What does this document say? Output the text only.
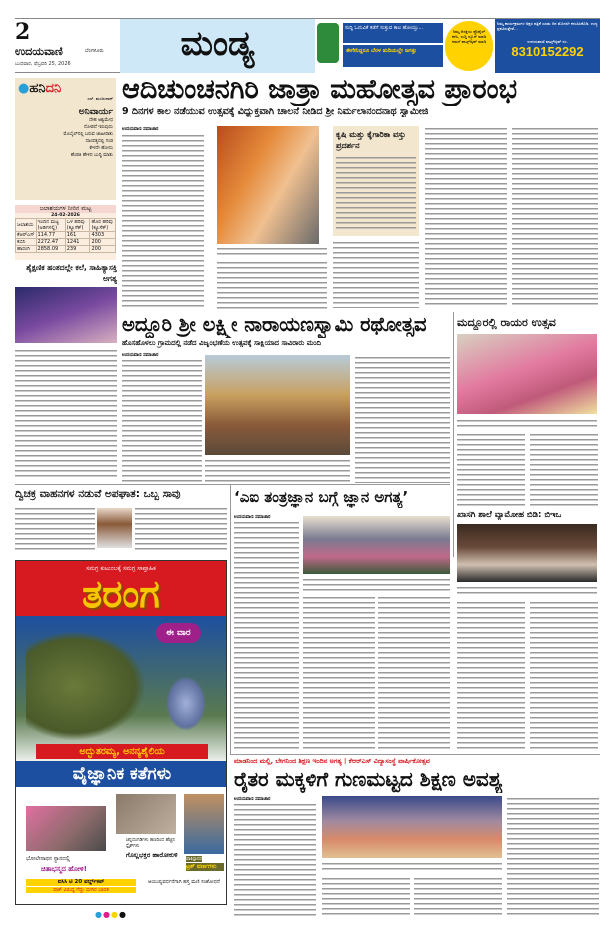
2
ಉದಯವಾಣಿ	ಬೆಂಗಳೂರು
ಬುಧವಾರ, ಫೆಬ್ರವರಿ 25, 2026	ಮಂಡ್ಯ	ಸುದ್ದಿ ಓದುವಿಕೆ ಕಡೆಗೆ ಸುತ್ತುವ ಕಾಲ ಹೋಯ್ತು...
ಈಗೇನಿದ್ದರೂ ಬೆರಳ ತುದಿಯಲ್ಲೇ ಜಗತ್ತು
ನಿಮ್ಮ ಆಸಕ್ತಿಯ ಪ್ರೊಫೈಲ್ ಕಳಿಸಿ, ಸುದ್ದಿ ನ್ಯೂಸ್ ಮಾಡಿ ನಮಗೆ ವಾಟ್ಸ್ಆ್ಯಪ್ ಮಾಡಿ
ನಿಮ್ಮ ಕಾರ್ಯಕ್ರಮಗಳ ಅಕ್ಷರ ಪತ್ರಿಕೆ ಎರಡು ದಿನ ಮೊದಲೇ ಕಳುಹಿಸಿಕೊಡಿ. ಉದ್ಯ ಪ್ರಕಟಿಸುತ್ತೇವೆ...
ಉದಯವಾಣಿ ವಾಟ್ಸ್ಆ್ಯಪ್ ನಂ.
8310152292
●ಹನಿದನಿ
ಎಸ್. ಮಂಜುನಾಥ್
ಅನಿವಾರ್ಯ
ದೇಹ ಅಶ್ವಮೇಧ
ನೋಡದೆ ಇರುವುದು
ಮೊಬೈಲ್‌ನಲ್ಲಿ ಬರುವ ಜಾಹೀರಾತು
ದಾಂಪತ್ಯದಲ್ಲಿ ಗಂಡ
ಕೇಳದೇ ಹೋದು
ಹೆಂಡತಿ ಹೇಳಿದ ಬುದ್ಧಿ ಮಾತು
ಜಲಾಶಯಗಳ ನೀರಿನ ಮಟ್ಟ
24-02-2026
ಜಲಾಶಯ	ಇಂದಿನ ಮಟ್ಟ (ಅಡಿಗಳಲ್ಲಿ)	ಒಳ ಹರಿವು (ಕ್ಯೂಸೆಕ್)	ಹೊರ ಹರಿವು (ಕ್ಯೂಸೆಕ್)
ಕೆಆರ್‌ಎಸ್	114.77	161	4303
ಕಬಿನಿ	2272.47	1241	200
ಹಾರಂಗಿ	2858.09	239	200
ಶೈಕ್ಷಣಿಕ ಹಂತದಲ್ಲೇ ಕಲೆ, ಸಾಹಿತ್ಯಾಸಕ್ತಿ ಅಗತ್ಯ
ಆದಿಚುಂಚನಗಿರಿ ಜಾತ್ರಾ ಮಹೋತ್ಸವ ಪ್ರಾರಂಭ
9 ದಿನಗಳ ಕಾಲ ನಡೆಯುವ ಉತ್ಸವಕ್ಕೆ ವಿಧ್ಯುಕ್ತವಾಗಿ ಚಾಲನೆ ನೀಡಿದ ಶ್ರೀ ನಿರ್ಮಲಾನಂದನಾಥ ಸ್ವಾಮೀಜಿ
ಉದಯವಾಣಿ ಸಮಾಚಾರ
ಕೃಷಿ ಮತ್ತು ಕೈಗಾರಿಕಾ ವಸ್ತು ಪ್ರದರ್ಶನ
ಅದ್ದೂರಿ ಶ್ರೀ ಲಕ್ಷ್ಮೀ ನಾರಾಯಣಸ್ವಾಮಿ ರಥೋತ್ಸವ
ಹೊಸಹೊಳಲು ಗ್ರಾಮದಲ್ಲಿ ನಡೆದ ವಿಜೃಂಭಣೆಯ ಉತ್ಸವಕ್ಕೆ ಸಾಕ್ಷಿಯಾದ ಸಾವಿರಾರು ಮಂದಿ
ಉದಯವಾಣಿ ಸಮಾಚಾರ
ಮದ್ದೂರಲ್ಲಿ ರಾಯರ ಉತ್ಸವ
ದ್ವಿಚಕ್ರ ವಾಹನಗಳ ನಡುವೆ ಅಪಘಾತ: ಒಬ್ಬ ಸಾವು	‘ಎಐ ತಂತ್ರಜ್ಞಾನ ಬಗ್ಗೆ ಜ್ಞಾನ ಅಗತ್ಯ’
ಉದಯವಾಣಿ ಸಮಾಚಾರ	ಖಾಸಗಿ ಶಾಲೆ ವ್ಯಾಮೋಹ ಬಿಡಿ: ಬಿಇಒ
ಸಮಗ್ರ ಕುಟುಂಬಕ್ಕೆ ಸಮಗ್ರ ಸಾಪ್ತಾಹಿಕ
ತರಂಗ
ಈ ವಾರ
ಅದ್ಭುತರಮ್ಯ, ಅನನ್ಯಶೈಲಿಯ
ವೈಜ್ಞಾನಿಕ ಕತೆಗಳು
ಭೋಲೇನಾಥನ ಸ್ಥಾನದಲ್ಲಿ
ಚಿತಾಭಸ್ಮದ ಹೋಳಿ!
ಚಿನ್ನದಂಗಡಿಗಳು ಹಣದಿಂದ ಹೆಚ್ಚಿನ ಸ್ಪೈಕ್‌ಗಳು
ಗೊಲ್ಲಭಕ್ತರ ಹಾರೋಕುಳಿ
ಪಾಕಿಸ್ತಾನದ
ಟ್ರಕ್ ವರ್ಣಗಳು
ಐಸಿಸಿ ಟಿ 20 ವರ್ಲ್ಡ್‌ಕಪ್
ಪಾಕ್ ವಿರುದ್ಧ ಗೆದ್ದು ಬೀಗಿದ ಭಾರತ
ಆಯುಷ್ಯವರ್ಧನೆಗಾಗಿ ಹಸ್ತ ಮಣಿ ಸಂಶೋಧನೆ
●●●●
ಮಾಡನಿಂದ ಮಲ್ಲಿ, ಬೇಗನಿಂದ ಶಿಕ್ಷಣ ಇಂದಿನ ಅಗತ್ಯ | ಕೆಆರ್‌ಎಸ್ ವಿದ್ಯಾಸಂಸ್ಥೆ ವಾರ್ಷಿಕೋತ್ಸವ
ರೈತರ ಮಕ್ಕಳಿಗೆ ಗುಣಮಟ್ಟದ ಶಿಕ್ಷಣ ಅವಶ್ಯ
ಉದಯವಾಣಿ ಸಮಾಚಾರ
